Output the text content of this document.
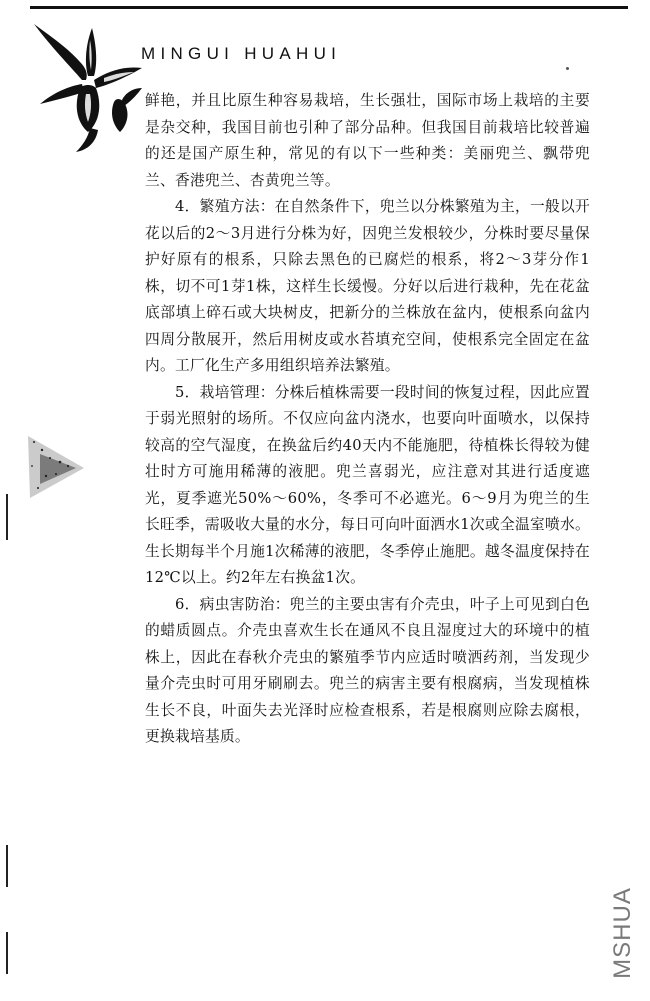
MINGUI HUAHUI

鲜艳，并且比原生种容易栽培，生长强壮，国际市场上栽培的主要是杂交种，我国目前也引种了部分品种。但我国目前栽培比较普遍的还是国产原生种，常见的有以下一些种类：美丽兜兰、飘带兜兰、香港兜兰、杏黄兜兰等。

4．繁殖方法：在自然条件下，兜兰以分株繁殖为主，一般以开花以后的2～3月进行分株为好，因兜兰发根较少，分株时要尽量保护好原有的根系，只除去黑色的已腐烂的根系，将2～3芽分作1株，切不可1芽1株，这样生长缓慢。分好以后进行栽种，先在花盆底部填上碎石或大块树皮，把新分的兰株放在盆内，使根系向盆内四周分散展开，然后用树皮或水苔填充空间，使根系完全固定在盆内。工厂化生产多用组织培养法繁殖。

5．栽培管理：分株后植株需要一段时间的恢复过程，因此应置于弱光照射的场所。不仅应向盆内浇水，也要向叶面喷水，以保持较高的空气湿度，在换盆后约40天内不能施肥，待植株长得较为健壮时方可施用稀薄的液肥。兜兰喜弱光，应注意对其进行适度遮光，夏季遮光50%～60%，冬季可不必遮光。6～9月为兜兰的生长旺季，需吸收大量的水分，每日可向叶面洒水1次或全温室喷水。生长期每半个月施1次稀薄的液肥，冬季停止施肥。越冬温度保持在12℃以上。约2年左右换盆1次。

6．病虫害防治：兜兰的主要虫害有介壳虫，叶子上可见到白色的蜡质圆点。介壳虫喜欢生长在通风不良且湿度过大的环境中的植株上，因此在春秋介壳虫的繁殖季节内应适时喷洒药剂，当发现少量介壳虫时可用牙刷刷去。兜兰的病害主要有根腐病，当发现植株生长不良，叶面失去光泽时应检查根系，若是根腐则应除去腐根，更换栽培基质。

MSHUA
